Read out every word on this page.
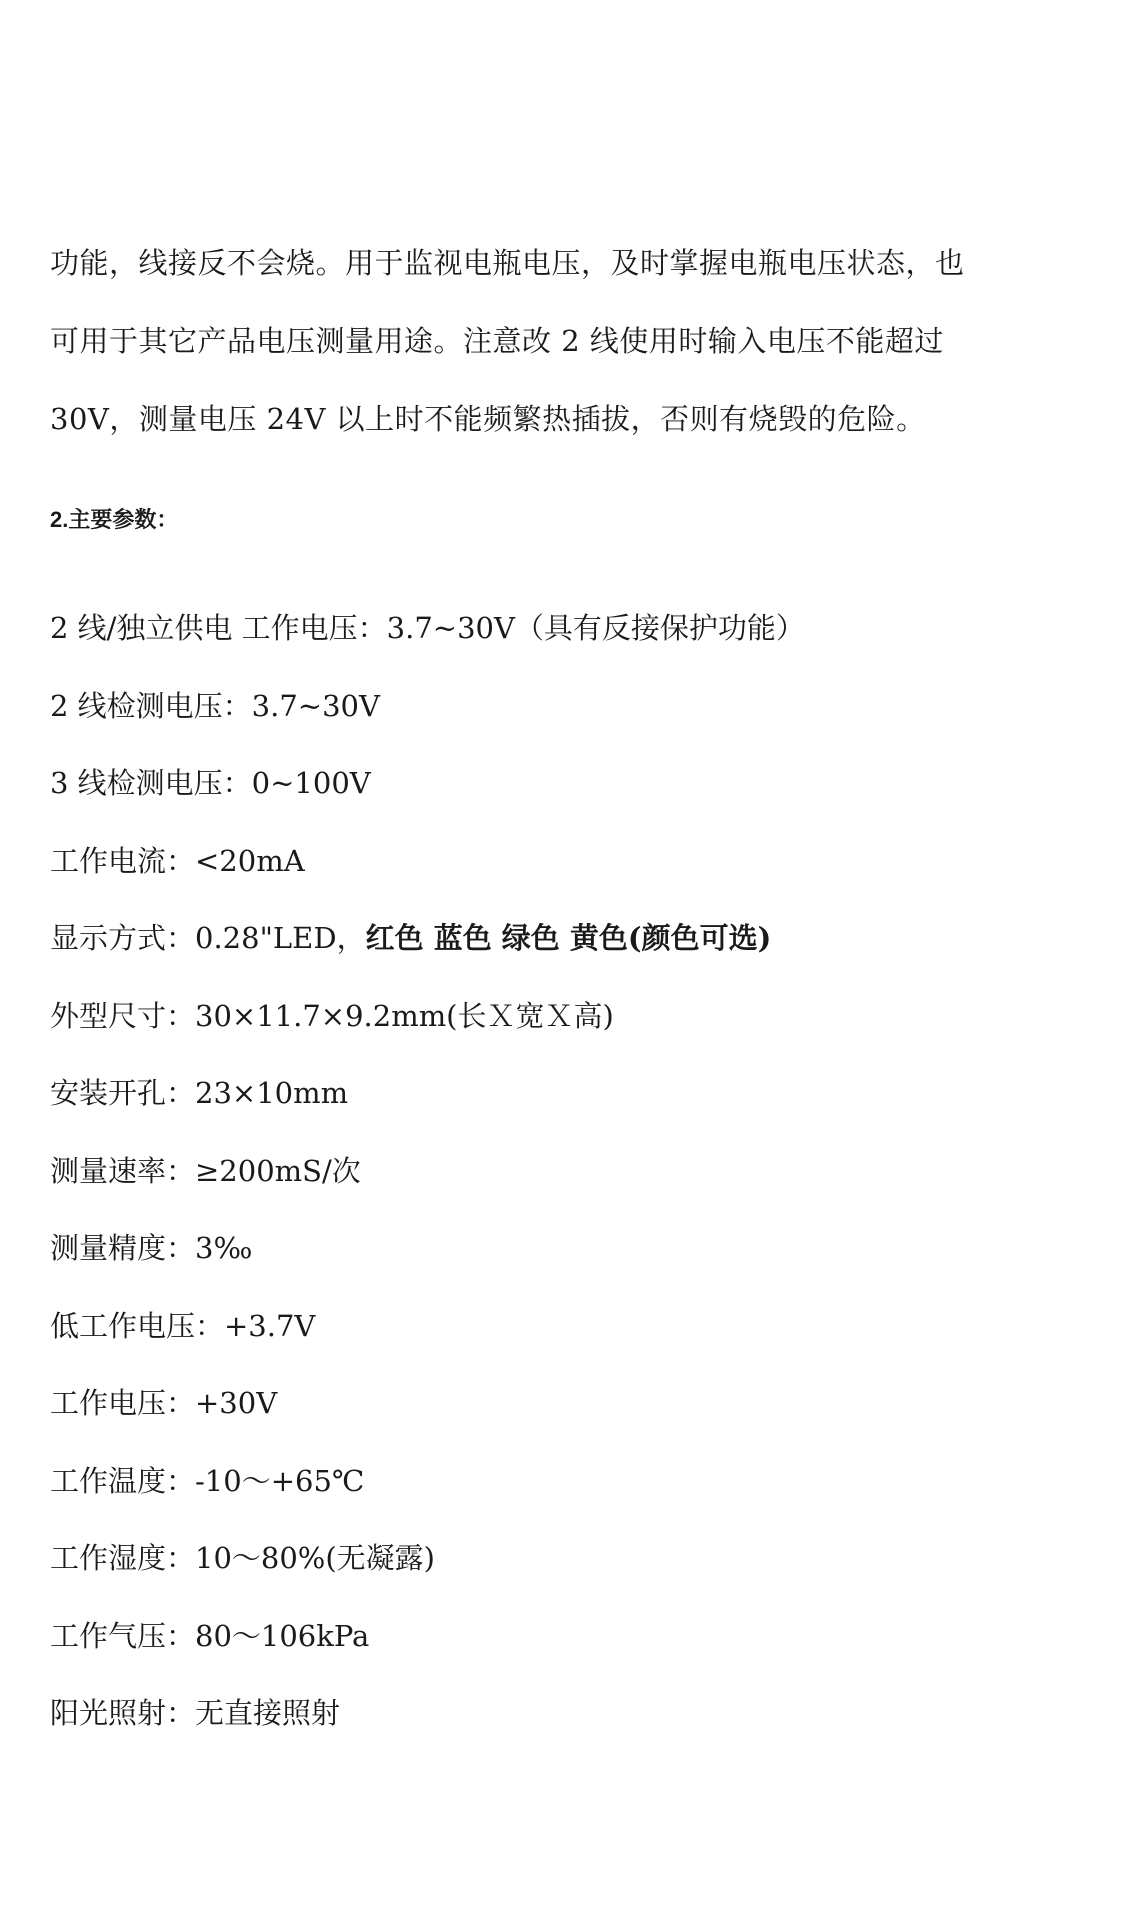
功能，线接反不会烧。用于监视电瓶电压，及时掌握电瓶电压状态，也
可用于其它产品电压测量用途。注意改 2 线使用时输入电压不能超过
30V，测量电压 24V 以上时不能频繁热插拔，否则有烧毁的危险。

2.主要参数：
2 线/独立供电 工作电压：3.7~30V（具有反接保护功能）
2 线检测电压：3.7~30V
3 线检测电压：0~100V
工作电流：<20mA
显示方式：0.28"LED，红色 蓝色 绿色 黄色(颜色可选)
外型尺寸：30×11.7×9.2mm(长Ｘ宽Ｘ高)
安装开孔：23×10mm
测量速率：≥200mS/次
测量精度：3‰
低工作电压：+3.7V
工作电压：+30V
工作温度：-10～+65℃
工作湿度：10～80%(无凝露)
工作气压：80～106kPa
阳光照射：无直接照射
